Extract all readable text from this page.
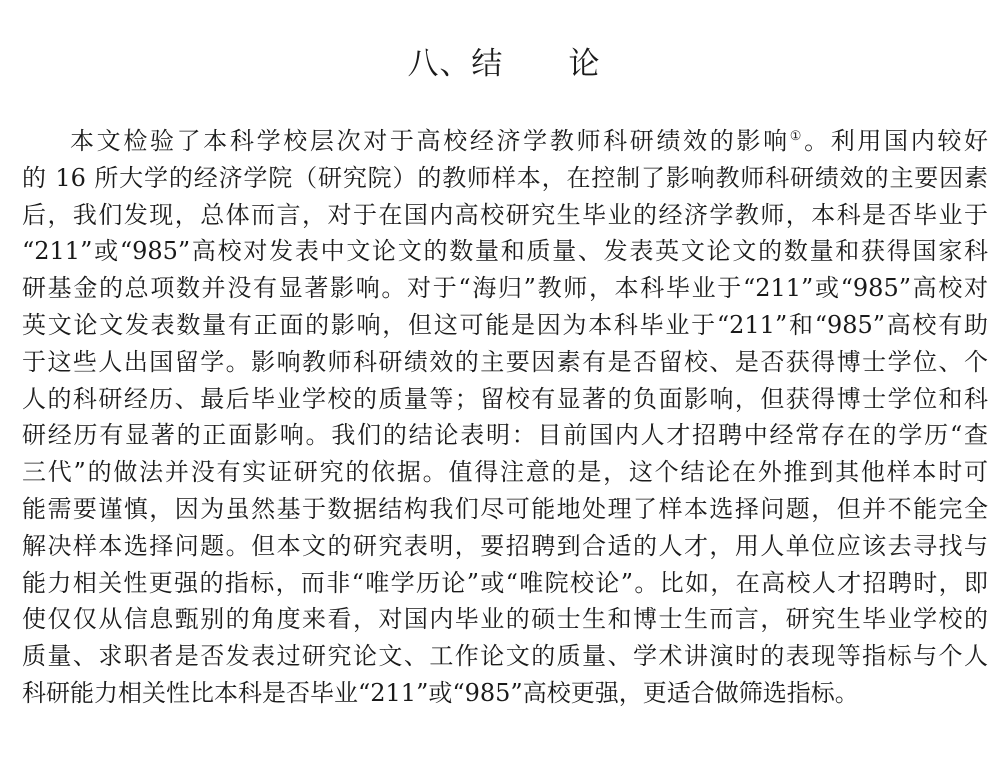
八、结      论
本文检验了本科学校层次对于高校经济学教师科研绩效的影响①。利用国内较好
的 16 所大学的经济学院（研究院）的教师样本，在控制了影响教师科研绩效的主要因素
后，我们发现，总体而言，对于在国内高校研究生毕业的经济学教师，本科是否毕业于
“211”或“985”高校对发表中文论文的数量和质量、发表英文论文的数量和获得国家科
研基金的总项数并没有显著影响。对于“海归”教师，本科毕业于“211”或“985”高校对
英文论文发表数量有正面的影响，但这可能是因为本科毕业于“211”和“985”高校有助
于这些人出国留学。影响教师科研绩效的主要因素有是否留校、是否获得博士学位、个
人的科研经历、最后毕业学校的质量等；留校有显著的负面影响，但获得博士学位和科
研经历有显著的正面影响。我们的结论表明：目前国内人才招聘中经常存在的学历“查
三代”的做法并没有实证研究的依据。值得注意的是，这个结论在外推到其他样本时可
能需要谨慎，因为虽然基于数据结构我们尽可能地处理了样本选择问题，但并不能完全
解决样本选择问题。但本文的研究表明，要招聘到合适的人才，用人单位应该去寻找与
能力相关性更强的指标，而非“唯学历论”或“唯院校论”。比如，在高校人才招聘时，即
使仅仅从信息甄别的角度来看，对国内毕业的硕士生和博士生而言，研究生毕业学校的
质量、求职者是否发表过研究论文、工作论文的质量、学术讲演时的表现等指标与个人
科研能力相关性比本科是否毕业“211”或“985”高校更强，更适合做筛选指标。
